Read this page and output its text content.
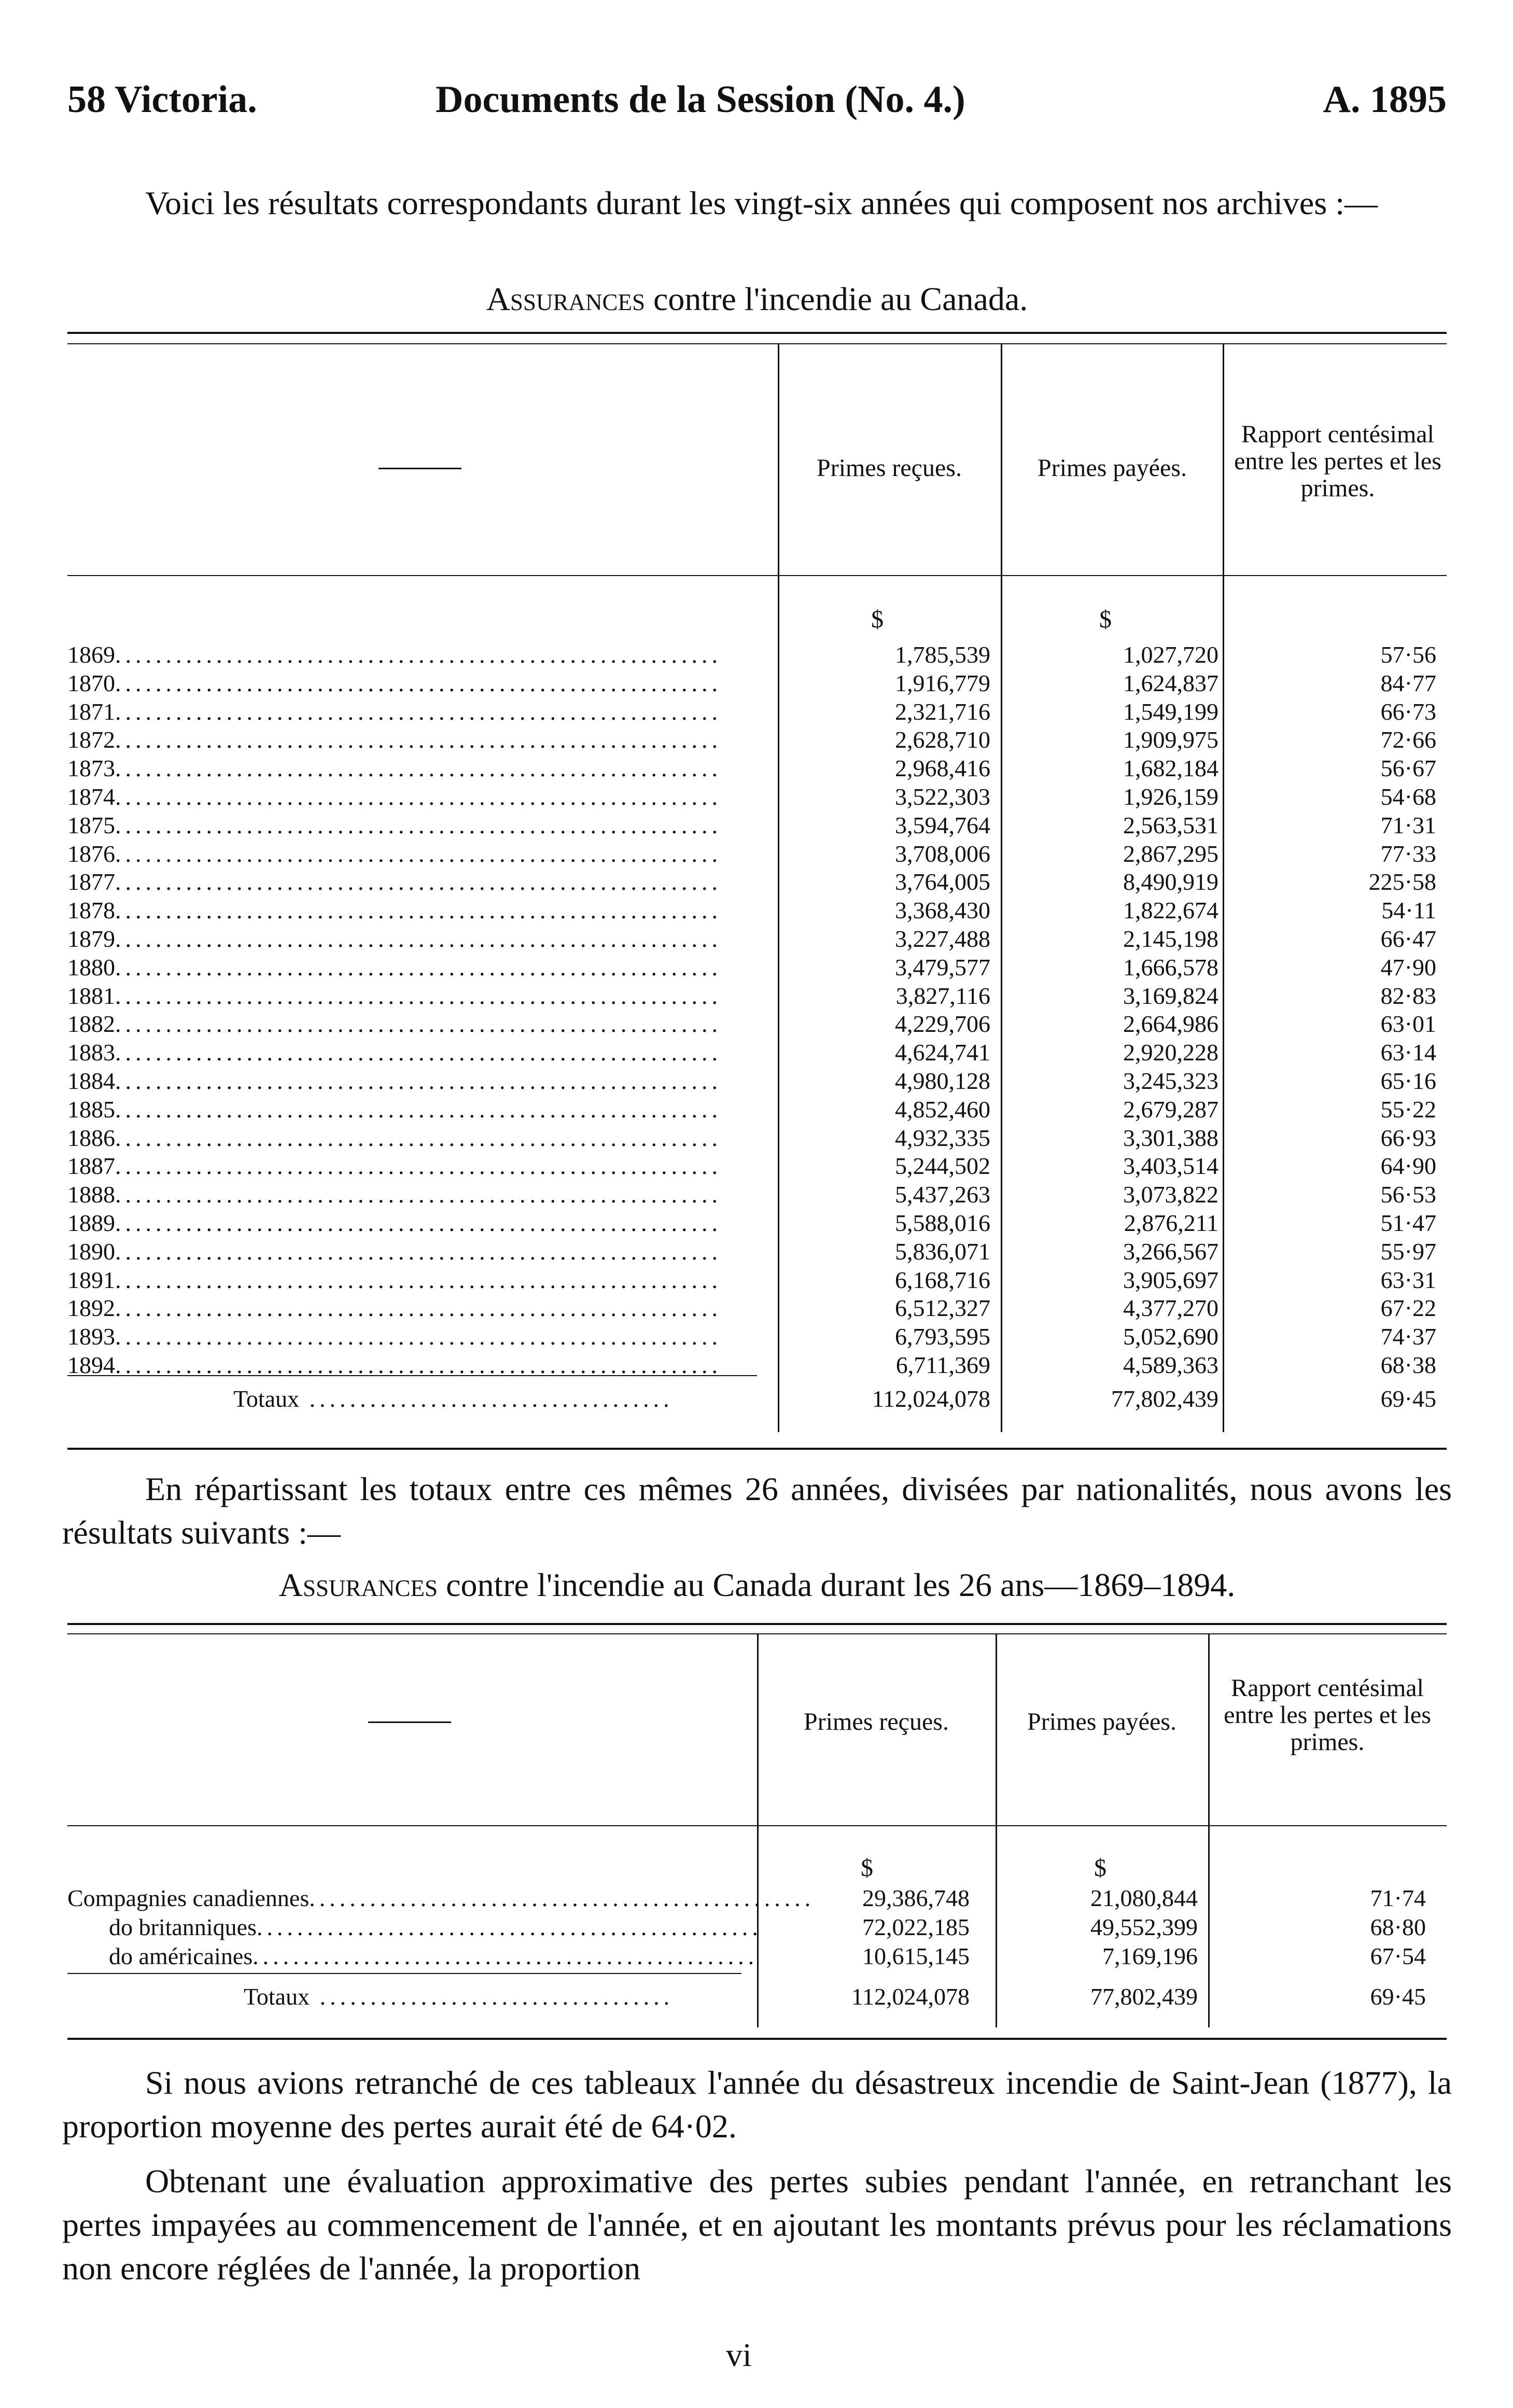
58 Victoria.	Documents de la Session (No. 4.)	A. 1895
Voici les résultats correspondants durant les vingt-six années qui composent nos archives :—
Assurances contre l'incendie au Canada.
Primes reçues.	Primes payées.
Rapport centésimal entre les pertes et les primes.
$	$
1869............................................................	1,785,539	1,027,720	57·56
1870............................................................	1,916,779	1,624,837	84·77
1871............................................................	2,321,716	1,549,199	66·73
1872............................................................	2,628,710	1,909,975	72·66
1873............................................................	2,968,416	1,682,184	56·67
1874............................................................	3,522,303	1,926,159	54·68
1875............................................................	3,594,764	2,563,531	71·31
1876............................................................	3,708,006	2,867,295	77·33
1877............................................................	3,764,005	8,490,919	225·58
1878............................................................	3,368,430	1,822,674	54·11
1879............................................................	3,227,488	2,145,198	66·47
1880............................................................	3,479,577	1,666,578	47·90
1881............................................................	3,827,116	3,169,824	82·83
1882............................................................	4,229,706	2,664,986	63·01
1883............................................................	4,624,741	2,920,228	63·14
1884............................................................	4,980,128	3,245,323	65·16
1885............................................................	4,852,460	2,679,287	55·22
1886............................................................	4,932,335	3,301,388	66·93
1887............................................................	5,244,502	3,403,514	64·90
1888............................................................	5,437,263	3,073,822	56·53
1889............................................................	5,588,016	2,876,211	51·47
1890............................................................	5,836,071	3,266,567	55·97
1891............................................................	6,168,716	3,905,697	63·31
1892............................................................	6,512,327	4,377,270	67·22
1893............................................................	6,793,595	5,052,690	74·37
1894............................................................	6,711,369	4,589,363	68·38
Totaux ....................................	112,024,078	77,802,439	69·45
En répartissant les totaux entre ces mêmes 26 années, divisées par nationalités, nous avons les résultats suivants :—
Assurances contre l'incendie au Canada durant les 26 ans—1869–1894.
Primes reçues.	Primes payées.
Rapport centésimal entre les pertes et les primes.
$	$
Compagnies canadiennes..................................................	29,386,748	21,080,844	71·74
do britanniques..................................................	72,022,185	49,552,399	68·80
do américaines..................................................	10,615,145	7,169,196	67·54
Totaux ...................................	112,024,078	77,802,439	69·45
Si nous avions retranché de ces tableaux l'année du désastreux incendie de Saint-Jean (1877), la proportion moyenne des pertes aurait été de 64·02.
Obtenant une évaluation approximative des pertes subies pendant l'année, en retranchant les pertes impayées au commencement de l'année, et en ajoutant les montants prévus pour les réclamations non encore réglées de l'année, la proportion
vi
